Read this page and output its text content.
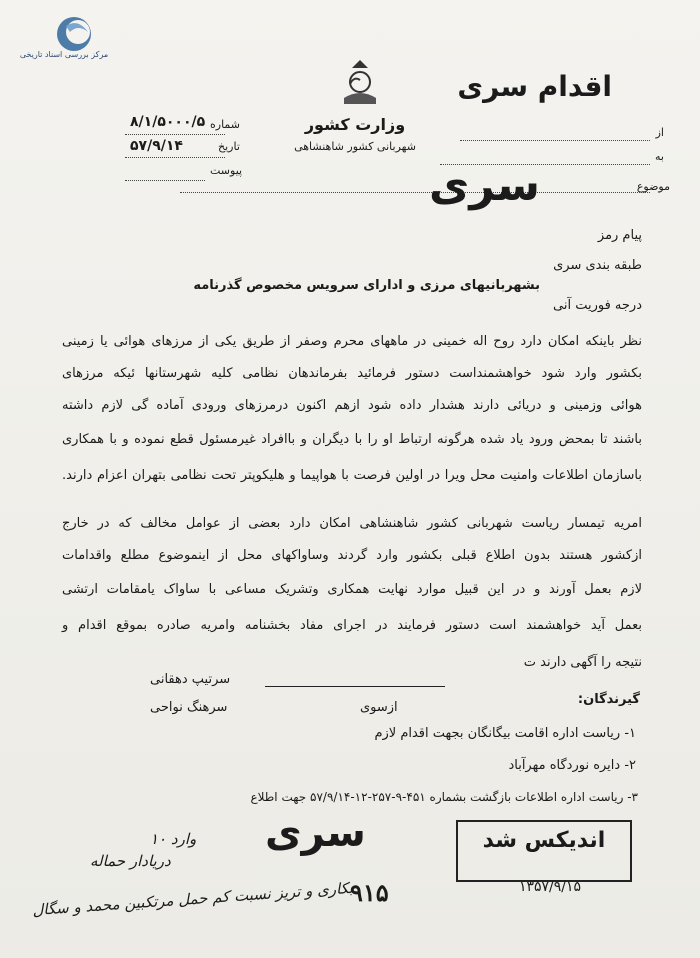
مرکز بررسی اسناد تاریخی
اقدام سری
وزارت کشور
شهربانی کشور شاهنشاهی
شماره
۸/۱/۵۰۰۰/۵
تاریخ
۵۷/۹/۱۴
پیوست
از
به
موضوع
سری
پیام رمز
طبقه بندی سری
بشهربانیهای مرزی و ادارای سرویس مخصوص گذرنامه
درجه فوریت آنی
نظر باینکه امکان دارد روح اله خمینی در ماههای محرم وصفر از طریق یکی از مرزهای هوائی یا زمینی
بکشور وارد شود خواهشمنداست دستور فرمائید بفرماندهان نظامی کلیه شهرستانها ئیکه مرزهای
هوائی وزمینی و دریائی دارند هشدار داده شود ازهم اکنون درمرزهای ورودی آماده گی لازم داشته
باشند تا بمحض ورود یاد شده هرگونه ارتباط او را با دیگران و باافراد غیرمسئول قطع نموده و با همکاری
باسازمان اطلاعات وامنیت محل ویرا در اولین فرصت با هواپیما و هلیکوپتر تحت نظامی بتهران اعزام دارند.
امریه تیمسار ریاست شهربانی کشور شاهنشاهی امکان دارد بعضی از عوامل مخالف که در خارج
ازکشور هستند بدون اطلاع قبلی بکشور وارد گردند وساواکهای محل از اینموضوع مطلع واقدامات
لازم بعمل آورند و در این قبیل موارد نهایت همکاری وتشریک مساعی با ساواک یامقامات ارتشی
بعمل آید خواهشمند است دستور فرمایند در اجرای مفاد بخشنامه وامریه صادره بموقع اقدام و
نتیجه را آگهی دارند ت
سرتیپ دهقانی
سرهنگ نواحی	ازسوی
گیرندگان:
۱- ریاست اداره اقامت بیگانگان بجهت اقدام لازم
۲- دایره نوردگاه مهرآباد
۳- ریاست اداره اطلاعات بازگشت بشماره ۴۵۱-۹-۲۵۷-۱۲-۵۷/۹/۱۴ جهت اطلاع
سری	اندیکس شد
۱۳۵۷/۹/۱۵
۹۱۵
وارد ۱۰
دریادار حماله
بکاری و تریز نسبت کم حمل مرتکبین محمد و سگال
